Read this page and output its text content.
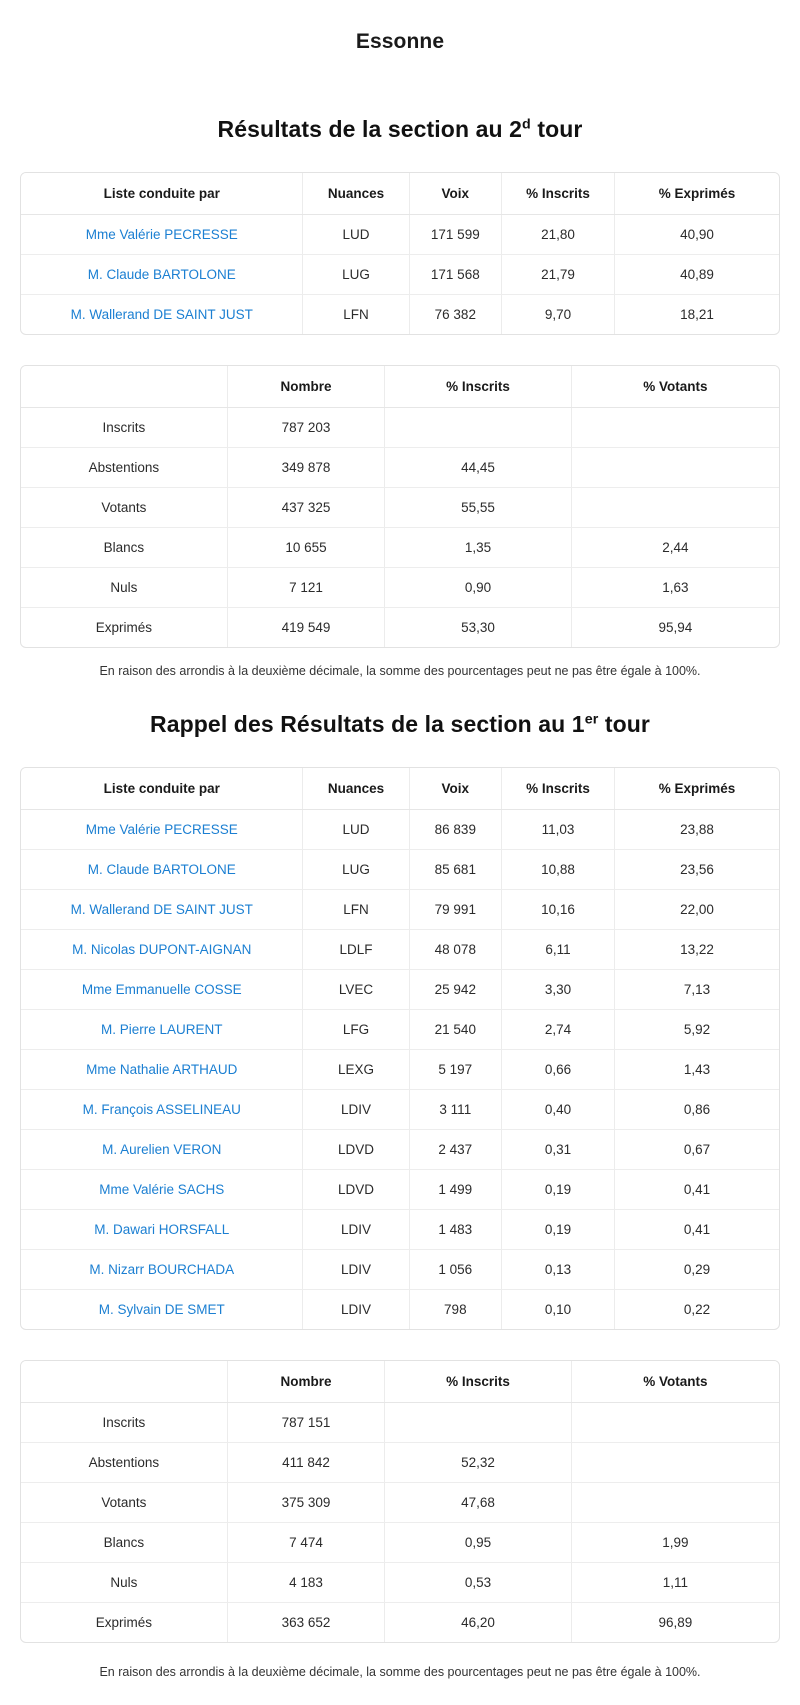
Essonne
Résultats de la section au 2$^d$ tour
Liste conduite par	Nuances	Voix	% Inscrits	% Exprimés
Mme Valérie PECRESSE	LUD	171 599	21,80	40,90
M. Claude BARTOLONE	LUG	171 568	21,79	40,89
M. Wallerand DE SAINT JUST	LFN	76 382	9,70	18,21
	Nombre	% Inscrits	% Votants
Inscrits	787 203		
Abstentions	349 878	44,45	
Votants	437 325	55,55	
Blancs	10 655	1,35	2,44
Nuls	7 121	0,90	1,63
Exprimés	419 549	53,30	95,94

En raison des arrondis à la deuxième décimale, la somme des pourcentages peut ne pas être égale à 100%.

Rappel des Résultats de la section au 1er tour
Liste conduite par	Nuances	Voix	% Inscrits	% Exprimés
Mme Valérie PECRESSE	LUD	86 839	11,03	23,88
M. Claude BARTOLONE	LUG	85 681	10,88	23,56
M. Wallerand DE SAINT JUST	LFN	79 991	10,16	22,00
M. Nicolas DUPONT-AIGNAN	LDLF	48 078	6,11	13,22
Mme Emmanuelle COSSE	LVEC	25 942	3,30	7,13
M. Pierre LAURENT	LFG	21 540	2,74	5,92
Mme Nathalie ARTHAUD	LEXG	5 197	0,66	1,43
M. François ASSELINEAU	LDIV	3 111	0,40	0,86
M. Aurelien VERON	LDVD	2 437	0,31	0,67
Mme Valérie SACHS	LDVD	1 499	0,19	0,41
M. Dawari HORSFALL	LDIV	1 483	0,19	0,41
M. Nizarr BOURCHADA	LDIV	1 056	0,13	0,29
M. Sylvain DE SMET	LDIV	798	0,10	0,22
	Nombre	% Inscrits	% Votants
Inscrits	787 151		
Abstentions	411 842	52,32	
Votants	375 309	47,68	
Blancs	7 474	0,95	1,99
Nuls	4 183	0,53	1,11
Exprimés	363 652	46,20	96,89

En raison des arrondis à la deuxième décimale, la somme des pourcentages peut ne pas être égale à 100%.
